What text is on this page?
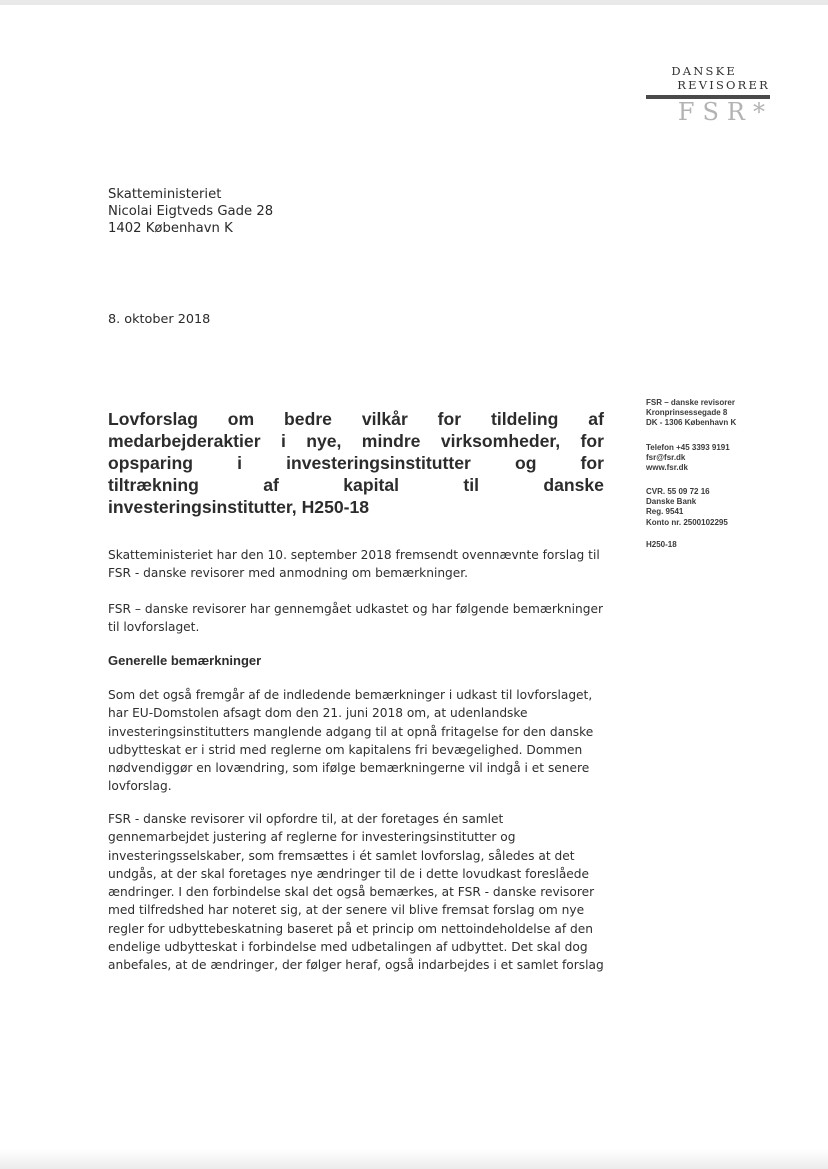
DANSKE
REVISORER
FSR*
Skatteministeriet
Nicolai Eigtveds Gade 28
1402 København K
8. oktober 2018
Lovforslag om bedre vilkår for tildeling af
medarbejderaktier i nye, mindre virksomheder, for
opsparing	i	investeringsinstitutter	og	for
tiltrækning	af	kapital	til	danske
investeringsinstitutter, H250-18
FSR – danske revisorer
Kronprinsessegade 8
DK - 1306 København K
Telefon +45 3393 9191
fsr@fsr.dk
www.fsr.dk
CVR. 55 09 72 16
Danske Bank
Reg. 9541
Konto nr. 2500102295
H250-18
Skatteministeriet har den 10. september 2018 fremsendt ovennævnte forslag til
FSR - danske revisorer med anmodning om bemærkninger.
FSR – danske revisorer har gennemgået udkastet og har følgende bemærkninger
til lovforslaget.
Generelle bemærkninger
Som det også fremgår af de indledende bemærkninger i udkast til lovforslaget,
har EU-Domstolen afsagt dom den 21. juni 2018 om, at udenlandske
investeringsinstitutters manglende adgang til at opnå fritagelse for den danske
udbytteskat er i strid med reglerne om kapitalens fri bevægelighed. Dommen
nødvendiggør en lovændring, som ifølge bemærkningerne vil indgå i et senere
lovforslag.
FSR - danske revisorer vil opfordre til, at der foretages én samlet
gennemarbejdet justering af reglerne for investeringsinstitutter og
investeringsselskaber, som fremsættes i ét samlet lovforslag, således at det
undgås, at der skal foretages nye ændringer til de i dette lovudkast foreslåede
ændringer. I den forbindelse skal det også bemærkes, at FSR - danske revisorer
med tilfredshed har noteret sig, at der senere vil blive fremsat forslag om nye
regler for udbyttebeskatning baseret på et princip om nettoindeholdelse af den
endelige udbytteskat i forbindelse med udbetalingen af udbyttet. Det skal dog
anbefales, at de ændringer, der følger heraf, også indarbejdes i et samlet forslag
